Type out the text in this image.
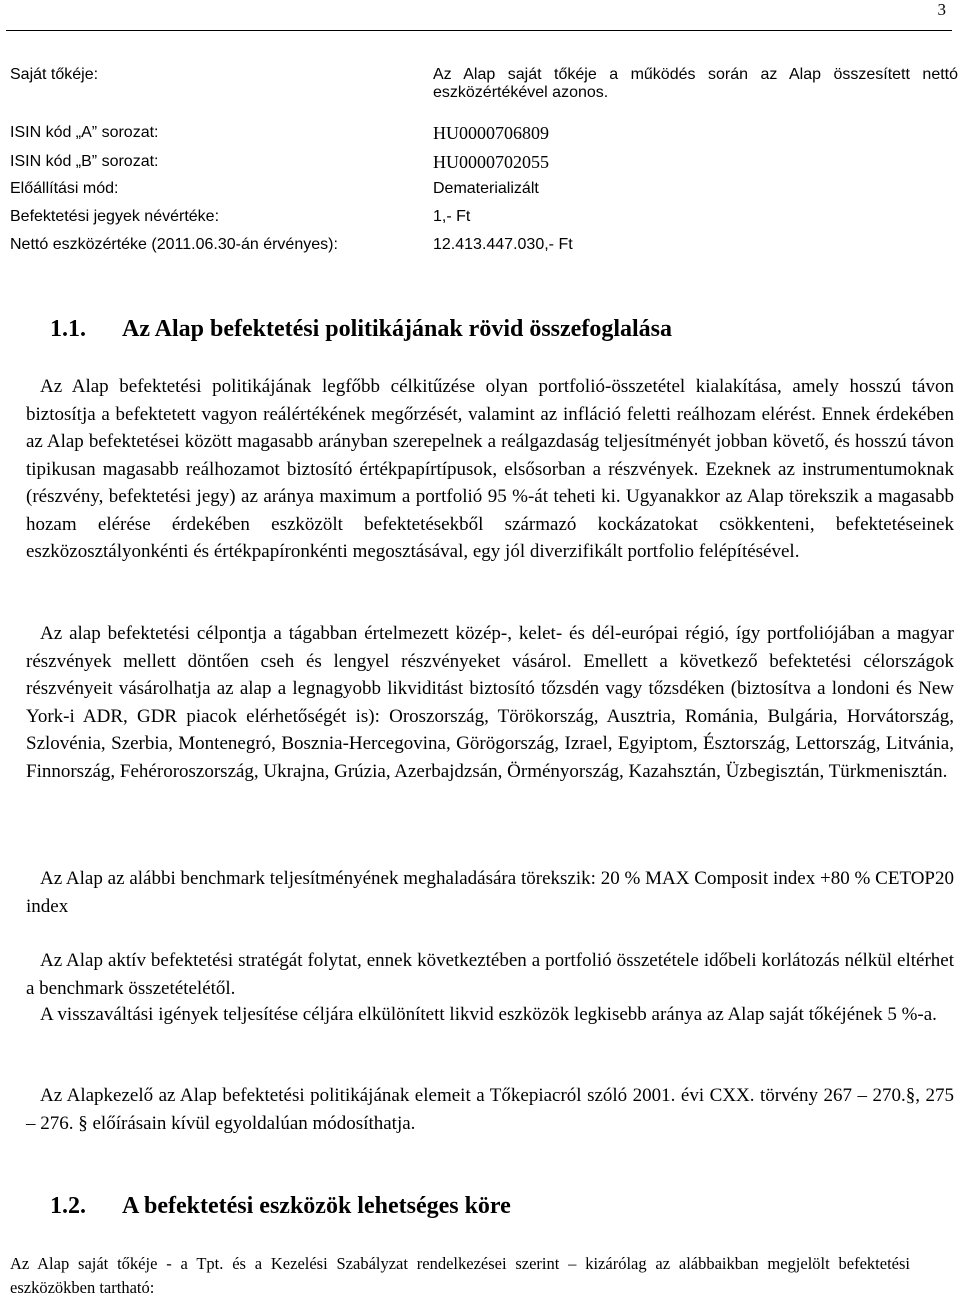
3
Saját tőkéje:	Az Alap saját tőkéje a működés során az Alap összesített nettó eszközértékével azonos.
ISIN kód „A” sorozat:	HU0000706809
ISIN kód „B” sorozat:	HU0000702055
Előállítási mód:	Dematerializált
Befektetési jegyek névértéke:	1,- Ft
Nettó eszközértéke (2011.06.30-án érvényes):	12.413.447.030,- Ft
1.1. Az Alap befektetési politikájának rövid összefoglalása
Az Alap befektetési politikájának legfőbb célkitűzése olyan portfolió-összetétel kialakítása, amely hosszú távon biztosítja a befektetett vagyon reálértékének megőrzését, valamint az infláció feletti reálhozam elérést. Ennek érdekében az Alap befektetései között magasabb arányban szerepelnek a reálgazdaság teljesítményét jobban követő, és hosszú távon tipikusan magasabb reálhozamot biztosító értékpapírtípusok, elsősorban a részvények. Ezeknek az instrumentumoknak (részvény, befektetési jegy) az aránya maximum a portfolió 95 %-át teheti ki. Ugyanakkor az Alap törekszik a magasabb hozam elérése érdekében eszközölt befektetésekből származó kockázatokat csökkenteni, befektetéseinek eszközosztályonkénti és értékpapíronkénti megosztásával, egy jól diverzifikált portfolio felépítésével.
Az alap befektetési célpontja a tágabban értelmezett közép-, kelet- és dél-európai régió, így portfoliójában a magyar részvények mellett döntően cseh és lengyel részvényeket vásárol. Emellett a következő befektetési célországok részvényeit vásárolhatja az alap a legnagyobb likviditást biztosító tőzsdén vagy tőzsdéken (biztosítva a londoni és New York-i ADR, GDR piacok elérhetőségét is): Oroszország, Törökország, Ausztria, Románia, Bulgária, Horvátország, Szlovénia, Szerbia, Montenegró, Bosznia-Hercegovina, Görögország, Izrael, Egyiptom, Észtország, Lettország, Litvánia, Finnország, Fehéroroszország, Ukrajna, Grúzia, Azerbajdzsán, Örményország, Kazahsztán, Üzbegisztán, Türkmenisztán.
Az Alap az alábbi benchmark teljesítményének meghaladására törekszik: 20 % MAX Composit index +80 % CETOP20 index
Az Alap aktív befektetési stratégát folytat, ennek következtében a portfolió összetétele időbeli korlátozás nélkül eltérhet a benchmark összetételétől.
A visszaváltási igények teljesítése céljára elkülönített likvid eszközök legkisebb aránya az Alap saját tőkéjének 5 %-a.
Az Alapkezelő az Alap befektetési politikájának elemeit a Tőkepiacról szóló 2001. évi CXX. törvény 267 – 270.§, 275 – 276. § előírásain kívül egyoldalúan módosíthatja.
1.2. A befektetési eszközök lehetséges köre
Az Alap saját tőkéje - a Tpt. és a Kezelési Szabályzat rendelkezései szerint – kizárólag az alábbaikban megjelölt befektetési eszközökben tartható:
